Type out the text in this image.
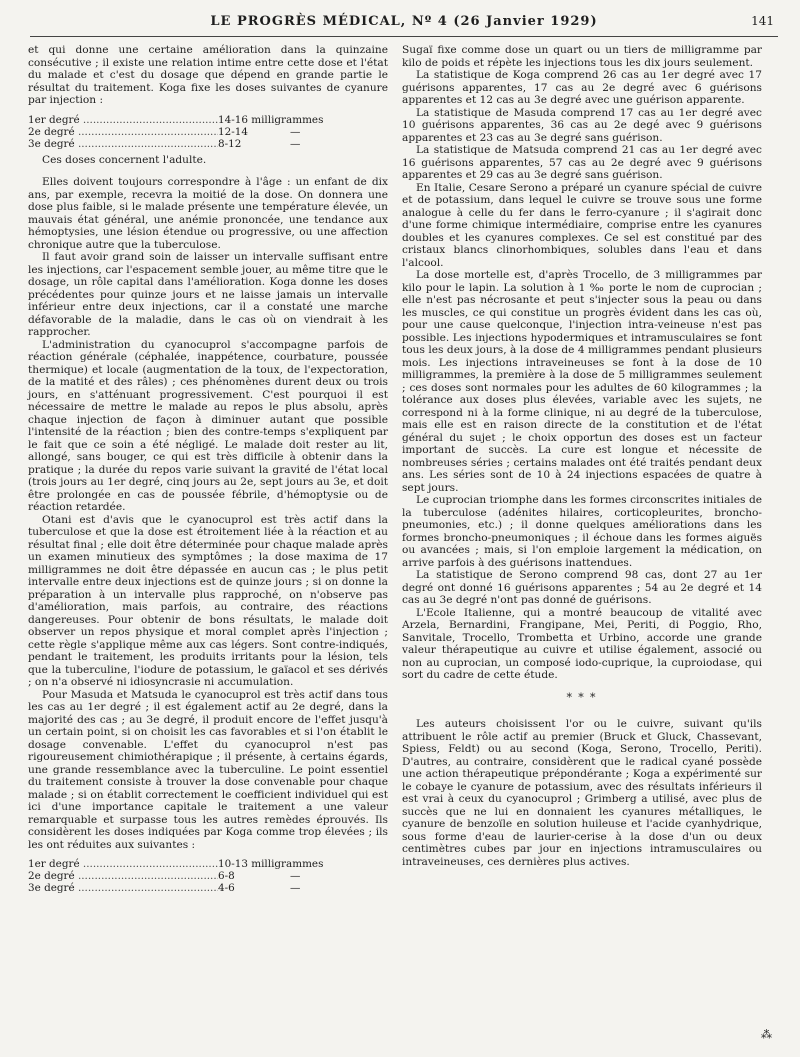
LE PROGRÈS MÉDICAL, Nº 4 (26 Janvier 1929)	141

et qui donne une certaine amélioration dans la quinzaine consécutive ; il existe une relation intime entre cette dose et l'état du malade et c'est du dosage que dépend en grande partie le résultat du traitement. Koga fixe les doses suivantes de cyanure par injection :

1er degré .....	14-16 milligrammes
2e degré .....	12-14	—
3e degré .....	8-12	—

Ces doses concernent l'adulte.

Elles doivent toujours correspondre à l'âge : un enfant de dix ans, par exemple, recevra la moitié de la dose. On donnera une dose plus faible, si le malade présente une température élevée, un mauvais état général, une anémie prononcée, une tendance aux hémoptysies, une lésion étendue ou progressive, ou une affection chronique autre que la tuberculose.

Il faut avoir grand soin de laisser un intervalle suffisant entre les injections, car l'espacement semble jouer, au même titre que le dosage, un rôle capital dans l'amélioration. Koga donne les doses précédentes pour quinze jours et ne laisse jamais un intervalle inférieur entre deux injections, car il a constaté une marche défavorable de la maladie, dans le cas où on viendrait à les rapprocher.

L'administration du cyanocuprol s'accompagne parfois de réaction générale (céphalée, inappétence, courbature, poussée thermique) et locale (augmentation de la toux, de l'expectoration, de la matité et des râles) ; ces phénomènes durent deux ou trois jours, en s'atténuant progressivement. C'est pourquoi il est nécessaire de mettre le malade au repos le plus absolu, après chaque injection de façon à diminuer autant que possible l'intensité de la réaction ; bien des contre-temps s'expliquent par le fait que ce soin a été négligé. Le malade doit rester au lit, allongé, sans bouger, ce qui est très difficile à obtenir dans la pratique ; la durée du repos varie suivant la gravité de l'état local (trois jours au 1er degré, cinq jours au 2e, sept jours au 3e, et doit être prolongée en cas de poussée fébrile, d'hémoptysie ou de réaction retardée.

Otani est d'avis que le cyanocuprol est très actif dans la tuberculose et que la dose est étroitement liée à la réaction et au résultat final ; elle doit être déterminée pour chaque malade après un examen minutieux des symptômes ; la dose maxima de 17 milligrammes ne doit être dépassée en aucun cas ; le plus petit intervalle entre deux injections est de quinze jours ; si on donne la préparation à un intervalle plus rapproché, on n'observe pas d'amélioration, mais parfois, au contraire, des réactions dangereuses. Pour obtenir de bons résultats, le malade doit observer un repos physique et moral complet après l'injection ; cette règle s'applique même aux cas légers. Sont contre-indiqués, pendant le traitement, les produits irritants pour la lésion, tels que la tuberculine, l'iodure de potassium, le gaïacol et ses dérivés ; on n'a observé ni idiosyncrasie ni accumulation.

Pour Masuda et Matsuda le cyanocuprol est très actif dans tous les cas au 1er degré ; il est également actif au 2e degré, dans la majorité des cas ; au 3e degré, il produit encore de l'effet jusqu'à un certain point, si on choisit les cas favorables et si l'on établit le dosage convenable. L'effet du cyanocuprol n'est pas rigoureusement chimiothérapique ; il présente, à certains égards, une grande ressemblance avec la tuberculine. Le point essentiel du traitement consiste à trouver la dose convenable pour chaque malade ; si on établit correctement le coefficient individuel qui est ici d'une importance capitale le traitement a une valeur remarquable et surpasse tous les autres remèdes éprouvés. Ils considèrent les doses indiquées par Koga comme trop élevées ; ils les ont réduites aux suivantes :

1er degré .....	10-13 milligrammes
2e degré .....	6-8	—
3e degré .....	4-6	—

Sugaï fixe comme dose un quart ou un tiers de milligramme par kilo de poids et répète les injections tous les dix jours seulement.

La statistique de Koga comprend 26 cas au 1er degré avec 17 guérisons apparentes, 17 cas au 2e degré avec 6 guérisons apparentes et 12 cas au 3e degré avec une guérison apparente.

La statistique de Masuda comprend 17 cas au 1er degré avec 10 guérisons apparentes, 36 cas au 2e degé avec 9 guérisons apparentes et 23 cas au 3e degré sans guérison.

La statistique de Matsuda comprend 21 cas au 1er degré avec 16 guérisons apparentes, 57 cas au 2e degré avec 9 guérisons apparentes et 29 cas au 3e degré sans guérison.

En Italie, Cesare Serono a préparé un cyanure spécial de cuivre et de potassium, dans lequel le cuivre se trouve sous une forme analogue à celle du fer dans le ferro-cyanure ; il s'agirait donc d'une forme chimique intermédiaire, comprise entre les cyanures doubles et les cyanures complexes. Ce sel est constitué par des cristaux blancs clinorhombiques, solubles dans l'eau et dans l'alcool.

La dose mortelle est, d'après Trocello, de 3 milligrammes par kilo pour le lapin. La solution à 1 ‰ porte le nom de cuprocian ; elle n'est pas nécrosante et peut s'injecter sous la peau ou dans les muscles, ce qui constitue un progrès évident dans les cas où, pour une cause quelconque, l'injection intra-veineuse n'est pas possible. Les injections hypodermiques et intramusculaires se font tous les deux jours, à la dose de 4 milligrammes pendant plusieurs mois. Les injections intraveineuses se font à la dose de 10 milligrammes, la première à la dose de 5 milligrammes seulement ; ces doses sont normales pour les adultes de 60 kilogrammes ; la tolérance aux doses plus élevées, variable avec les sujets, ne correspond ni à la forme clinique, ni au degré de la tuberculose, mais elle est en raison directe de la constitution et de l'état général du sujet ; le choix opportun des doses est un facteur important de succès. La cure est longue et nécessite de nombreuses séries ; certains malades ont été traités pendant deux ans. Les séries sont de 10 à 24 injections espacées de quatre à sept jours.

Le cuprocian triomphe dans les formes circonscrites initiales de la tuberculose (adénites hilaires, corticopleurites, broncho-pneumonies, etc.) ; il donne quelques améliorations dans les formes broncho-pneumoniques ; il échoue dans les formes aiguës ou avancées ; mais, si l'on emploie largement la médication, on arrive parfois à des guérisons inattendues.

La statistique de Serono comprend 98 cas, dont 27 au 1er degré ont donné 16 guérisons apparentes ; 54 au 2e degré et 14 cas au 3e degré n'ont pas donné de guérisons.

L'Ecole Italienne, qui a montré beaucoup de vitalité avec Arzela, Bernardini, Frangipane, Mei, Periti, di Poggio, Rho, Sanvitale, Trocello, Trombetta et Urbino, accorde une grande valeur thérapeutique au cuivre et utilise également, associé ou non au cuprocian, un composé iodo-cuprique, la cuproiodase, qui sort du cadre de cette étude.

* * *

Les auteurs choisissent l'or ou le cuivre, suivant qu'ils attribuent le rôle actif au premier (Bruck et Gluck, Chassevant, Spiess, Feldt) ou au second (Koga, Serono, Trocello, Periti). D'autres, au contraire, considèrent que le radical cyané possède une action thérapeutique prépondérante ; Koga a expérimenté sur le cobaye le cyanure de potassium, avec des résultats inférieurs il est vrai à ceux du cyanocuprol ; Grimberg a utilisé, avec plus de succès que ne lui en donnaient les cyanures métalliques, le cyanure de benzoïle en solution huileuse et l'acide cyanhydrique, sous forme d'eau de laurier-cerise à la dose d'un ou deux centimètres cubes par jour en injections intramusculaires ou intraveineuses, ces dernières plus actives.

⁂
